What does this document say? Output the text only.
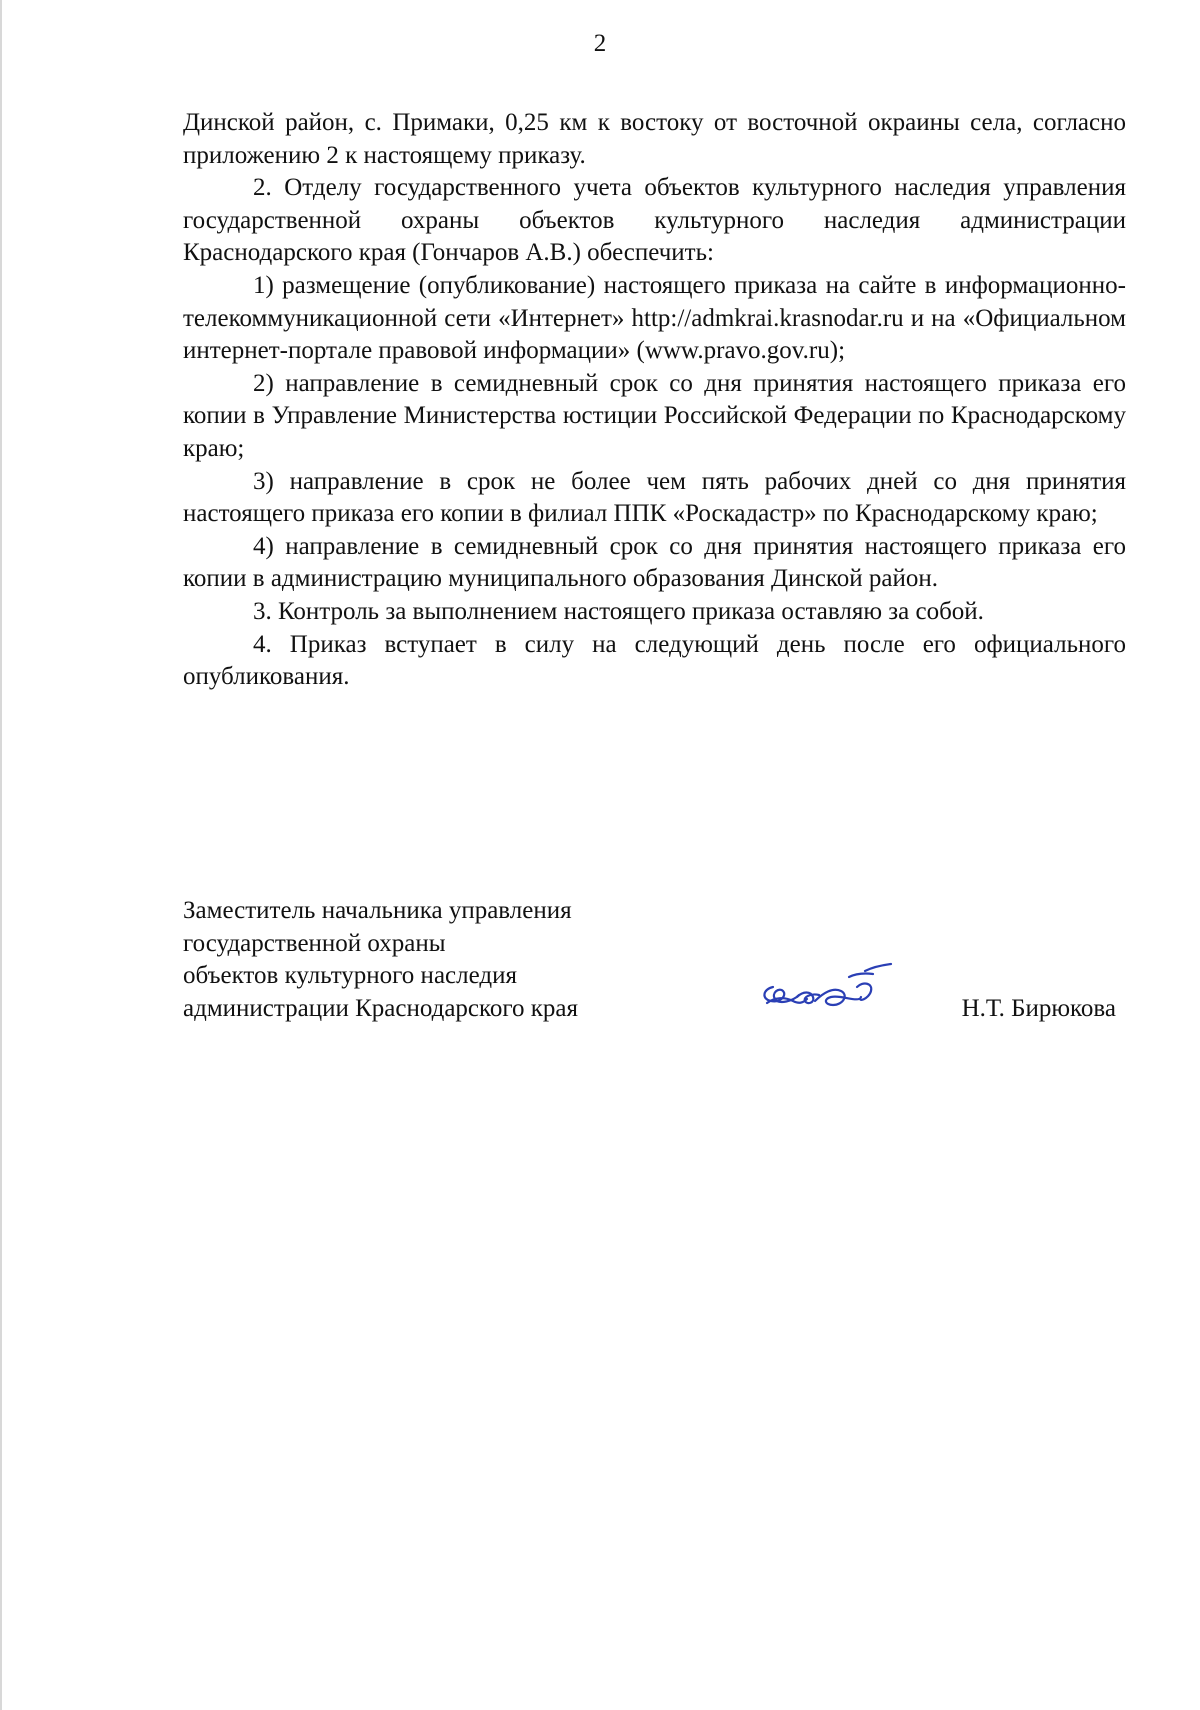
2

Динской район, с. Примаки, 0,25 км к востоку от восточной окраины села, согласно приложению 2 к настоящему приказу.

2. Отделу государственного учета объектов культурного наследия управления государственной охраны объектов культурного наследия администрации Краснодарского края (Гончаров А.В.) обеспечить:

1) размещение (опубликование) настоящего приказа на сайте в информационно-телекоммуникационной сети «Интернет» http://admkrai.krasnodar.ru и на «Официальном интернет-портале правовой информации» (www.pravo.gov.ru);

2) направление в семидневный срок со дня принятия настоящего приказа его копии в Управление Министерства юстиции Российской Федерации по Краснодарскому краю;

3) направление в срок не более чем пять рабочих дней со дня принятия настоящего приказа его копии в филиал ППК «Роскадастр» по Краснодарскому краю;

4) направление в семидневный срок со дня принятия настоящего приказа его копии в администрацию муниципального образования Динской район.

3. Контроль за выполнением настоящего приказа оставляю за собой.

4. Приказ вступает в силу на следующий день после его официального опубликования.

Заместитель начальника управления
государственной охраны
объектов культурного наследия
администрации Краснодарского края	Н.Т. Бирюкова
